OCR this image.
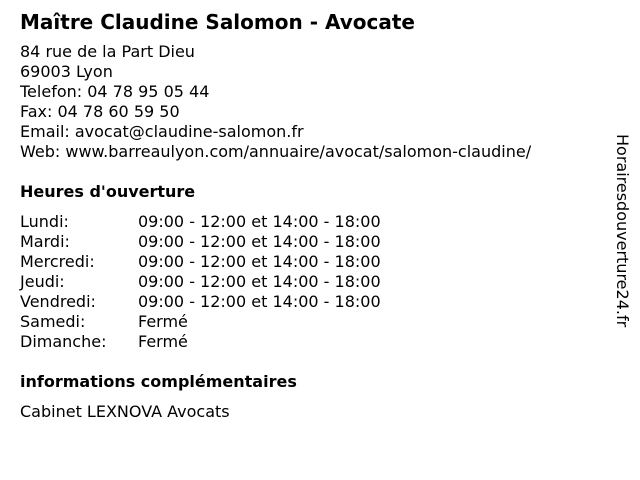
Maître Claudine Salomon - Avocate
84 rue de la Part Dieu
69003 Lyon
Telefon: 04 78 95 05 44
Fax: 04 78 60 59 50
Email: avocat@claudine-salomon.fr
Web: www.barreaulyon.com/annuaire/avocat/salomon-claudine/
Heures d'ouverture
Lundi:	09:00 - 12:00 et 14:00 - 18:00
Mardi:	09:00 - 12:00 et 14:00 - 18:00
Mercredi:	09:00 - 12:00 et 14:00 - 18:00
Jeudi:	09:00 - 12:00 et 14:00 - 18:00
Vendredi:	09:00 - 12:00 et 14:00 - 18:00
Samedi:	Fermé
Dimanche:	Fermé
informations complémentaires
Cabinet LEXNOVA Avocats
Horairesdouverture24.fr
